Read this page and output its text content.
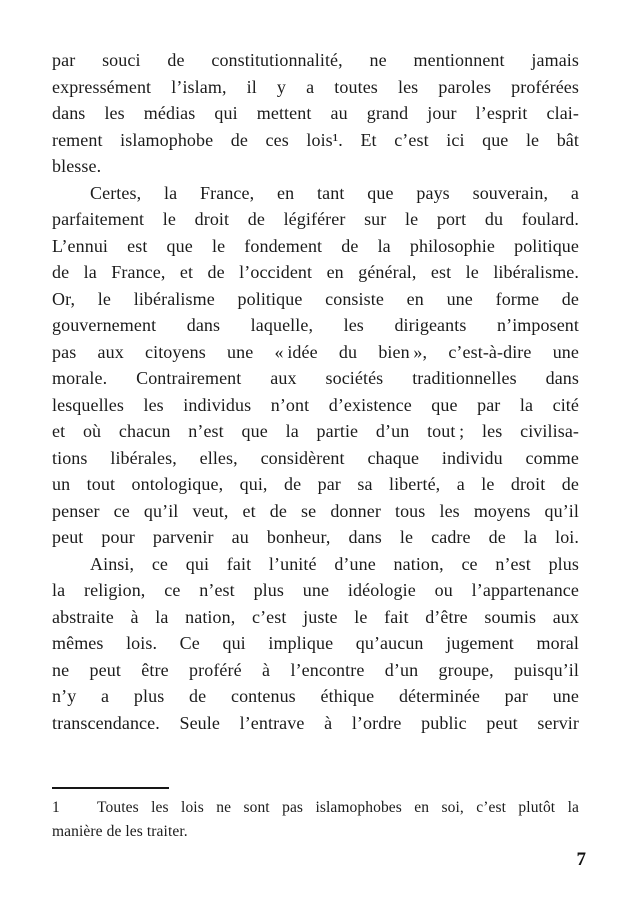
par souci de constitutionnalité, ne mentionnent jamais
expressément l’islam, il y a toutes les paroles proférées
dans les médias qui mettent au grand jour l’esprit clai-
rement islamophobe de ces lois¹. Et c’est ici que le bât
blesse.
Certes, la France, en tant que pays souverain, a
parfaitement le droit de légiférer sur le port du foulard.
L’ennui est que le fondement de la philosophie politique
de la France, et de l’occident en général, est le libéralisme.
Or, le libéralisme politique consiste en une forme de
gouvernement dans laquelle, les dirigeants n’imposent
pas aux citoyens une « idée du bien », c’est-à-dire une
morale. Contrairement aux sociétés traditionnelles dans
lesquelles les individus n’ont d’existence que par la cité
et où chacun n’est que la partie d’un tout ; les civilisa-
tions libérales, elles, considèrent chaque individu comme
un tout ontologique, qui, de par sa liberté, a le droit de
penser ce qu’il veut, et de se donner tous les moyens qu’il
peut pour parvenir au bonheur, dans le cadre de la loi.
Ainsi, ce qui fait l’unité d’une nation, ce n’est plus
la religion, ce n’est plus une idéologie ou l’appartenance
abstraite à la nation, c’est juste le fait d’être soumis aux
mêmes lois. Ce qui implique qu’aucun jugement moral
ne peut être proféré à l’encontre d’un groupe, puisqu’il
n’y a plus de contenus éthique déterminée par une
transcendance. Seule l’entrave à l’ordre public peut servir
1   Toutes les lois ne sont pas islamophobes en soi, c’est plutôt la
manière de les traiter.
7
